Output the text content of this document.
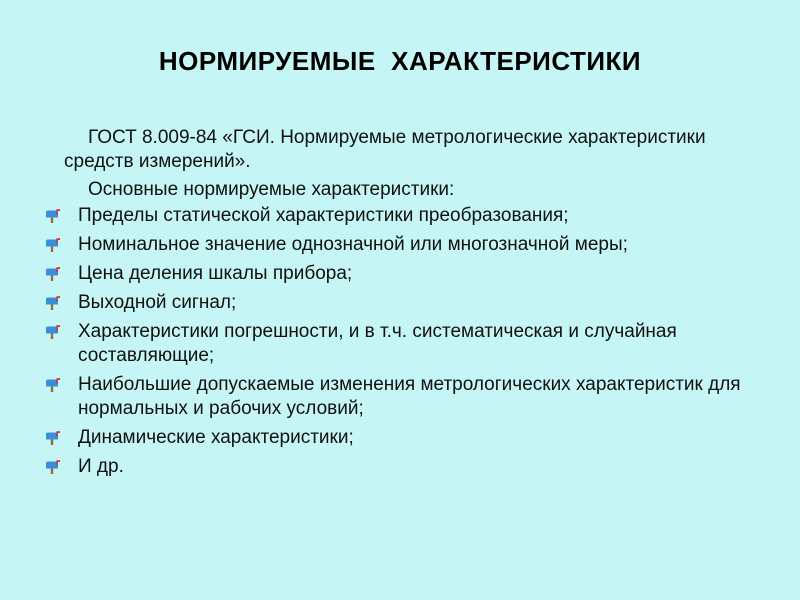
НОРМИРУЕМЫЕ  ХАРАКТЕРИСТИКИ
ГОСТ 8.009-84 «ГСИ. Нормируемые метрологические характеристики средств измерений».
Основные нормируемые характеристики:
Пределы статической характеристики преобразования;
Номинальное значение однозначной или многозначной меры;
Цена деления шкалы прибора;
Выходной сигнал;
Характеристики погрешности, и в т.ч. систематическая и случайная составляющие;
Наибольшие допускаемые изменения метрологических характеристик для нормальных и рабочих условий;
Динамические характеристики;
И др.
